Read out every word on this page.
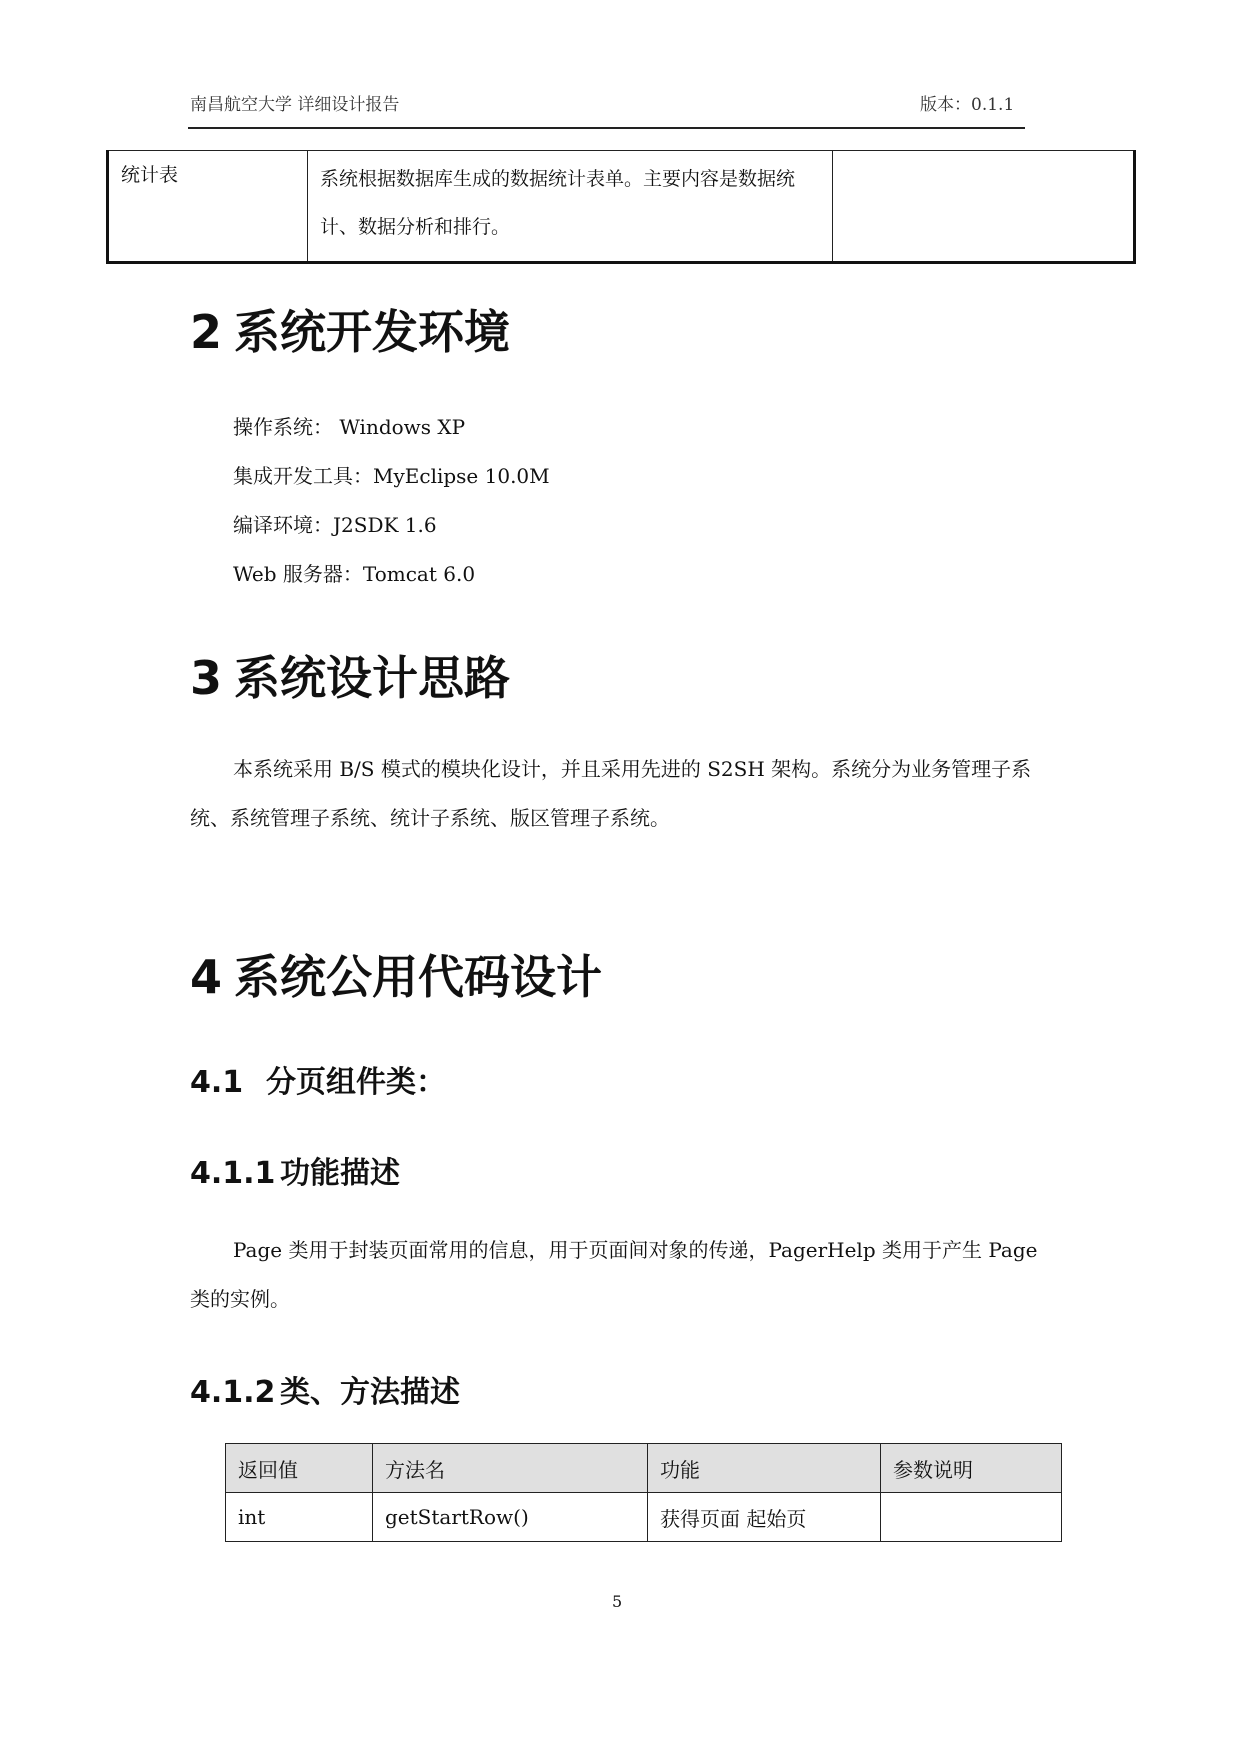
南昌航空大学 详细设计报告	版本：0.1.1
统计表	系统根据数据库生成的数据统计表单。主要内容是数据统计、数据分析和排行。	
2 系统开发环境
操作系统： Windows XP
集成开发工具：MyEclipse 10.0M
编译环境：J2SDK 1.6
Web 服务器：Tomcat 6.0
3 系统设计思路
本系统采用 B/S 模式的模块化设计，并且采用先进的 S2SH 架构。系统分为业务管理子系统、系统管理子系统、统计子系统、版区管理子系统。
4 系统公用代码设计
4.1 分页组件类：
4.1.1 功能描述
Page 类用于封装页面常用的信息，用于页面间对象的传递，PagerHelp 类用于产生 Page 类的实例。
4.1.2 类、方法描述
返回值	方法名	功能	参数说明
int	getStartRow()	获得页面 起始页	
5
